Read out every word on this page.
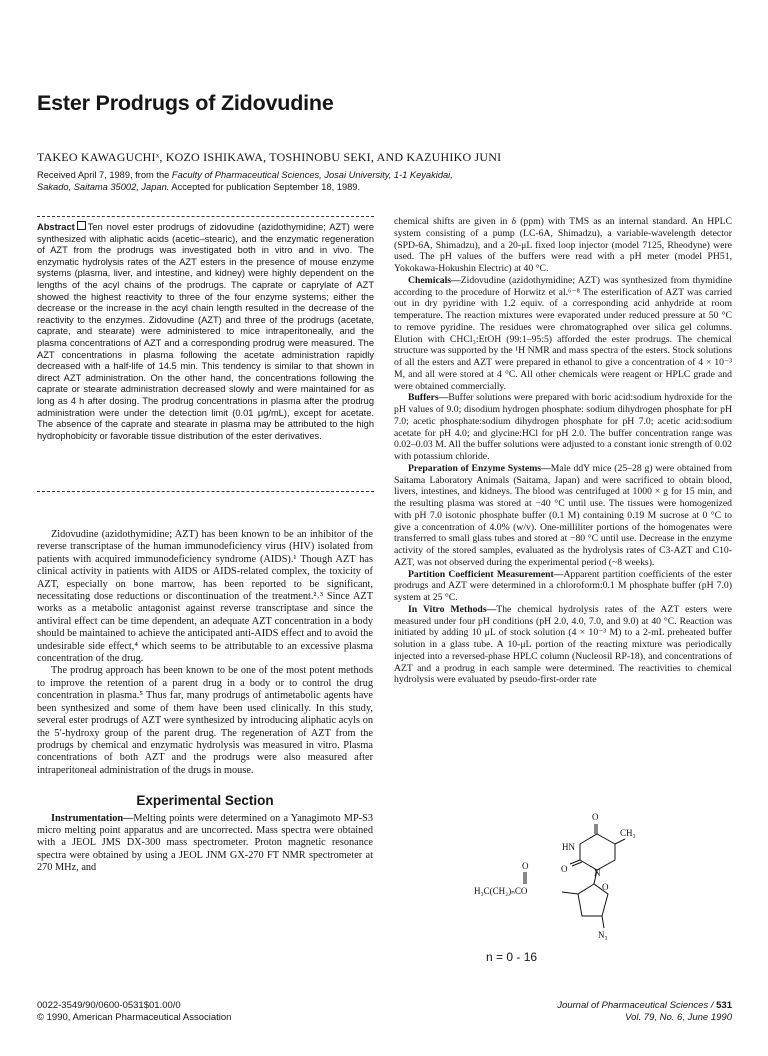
Ester Prodrugs of Zidovudine
TAKEO KAWAGUCHIˣ, KOZO ISHIKAWA, TOSHINOBU SEKI, AND KAZUHIKO JUNI
Received April 7, 1989, from the Faculty of Pharmaceutical Sciences, Josai University, 1-1 Keyakidai, Sakado, Saitama 35002, Japan. Accepted for publication September 18, 1989.
Abstract Ten novel ester prodrugs of zidovudine (azidothymidine; AZT) were synthesized with aliphatic acids (acetic–stearic), and the enzymatic regeneration of AZT from the prodrugs was investigated both in vitro and in vivo. The enzymatic hydrolysis rates of the AZT esters in the presence of mouse enzyme systems (plasma, liver, and intestine, and kidney) were highly dependent on the lengths of the acyl chains of the prodrugs. The caprate or caprylate of AZT showed the highest reactivity to three of the four enzyme systems; either the decrease or the increase in the acyl chain length resulted in the decrease of the reactivity to the enzymes. Zidovudine (AZT) and three of the prodrugs (acetate, caprate, and stearate) were administered to mice intraperitoneally, and the plasma concentrations of AZT and a corresponding prodrug were measured. The AZT concentrations in plasma following the acetate administration rapidly decreased with a half-life of 14.5 min. This tendency is similar to that shown in direct AZT administration. On the other hand, the concentrations following the caprate or stearate administration decreased slowly and were maintained for as long as 4 h after dosing. The prodrug concentrations in plasma after the prodrug administration were under the detection limit (0.01 μg/mL), except for acetate. The absence of the caprate and stearate in plasma may be attributed to the high hydrophobicity or favorable tissue distribution of the ester derivatives.

Zidovudine (azidothymidine; AZT) has been known to be an inhibitor of the reverse transcriptase of the human immunodeficiency virus (HIV) isolated from patients with acquired immunodeficiency syndrome (AIDS).¹ Though AZT has clinical activity in patients with AIDS or AIDS-related complex, the toxicity of AZT, especially on bone marrow, has been reported to be significant, necessitating dose reductions or discontinuation of the treatment.²˒³ Since AZT works as a metabolic antagonist against reverse transcriptase and since the antiviral effect can be time dependent, an adequate AZT concentration in a body should be maintained to achieve the anticipated anti-AIDS effect and to avoid the undesirable side effect,⁴ which seems to be attributable to an excessive plasma concentration of the drug.

The prodrug approach has been known to be one of the most potent methods to improve the retention of a parent drug in a body or to control the drug concentration in plasma.⁵ Thus far, many prodrugs of antimetabolic agents have been synthesized and some of them have been used clinically. In this study, several ester prodrugs of AZT were synthesized by introducing aliphatic acyls on the 5′-hydroxy group of the parent drug. The regeneration of AZT from the prodrugs by chemical and enzymatic hydrolysis was measured in vitro. Plasma concentrations of both AZT and the prodrugs were also measured after intraperitoneal administration of the drugs in mouse.

Experimental Section

Instrumentation—Melting points were determined on a Yanagimoto MP-S3 micro melting point apparatus and are uncorrected. Mass spectra were obtained with a JEOL JMS DX-300 mass spectrometer. Proton magnetic resonance spectra were obtained by using a JEOL JNM GX-270 FT NMR spectrometer at 270 MHz, and

chemical shifts are given in δ (ppm) with TMS as an internal standard. An HPLC system consisting of a pump (LC-6A, Shimadzu), a variable-wavelength detector (SPD-6A, Shimadzu), and a 20-μL fixed loop injector (model 7125, Rheodyne) were used. The pH values of the buffers were read with a pH meter (model PH51, Yokokawa-Hokushin Electric) at 40 °C.

Chemicals—Zidovudine (azidothymidine; AZT) was synthesized from thymidine according to the procedure of Horwitz et al.⁶⁻⁸ The esterification of AZT was carried out in dry pyridine with 1.2 equiv. of a corresponding acid anhydride at room temperature. The reaction mixtures were evaporated under reduced pressure at 50 °C to remove pyridine. The residues were chromatographed over silica gel columns. Elution with CHCl₃:EtOH (99:1–95:5) afforded the ester prodrugs. The chemical structure was supported by the ¹H NMR and mass spectra of the esters. Stock solutions of all the esters and AZT were prepared in ethanol to give a concentration of 4 × 10⁻³ M, and all were stored at 4 °C. All other chemicals were reagent or HPLC grade and were obtained commercially.

Buffers—Buffer solutions were prepared with boric acid:sodium hydroxide for the pH values of 9.0; disodium hydrogen phosphate: sodium dihydrogen phosphate for pH 7.0; acetic phosphate:sodium dihydrogen phosphate for pH 7.0; acetic acid:sodium acetate for pH 4.0; and glycine:HCl for pH 2.0. The buffer concentration range was 0.02–0.03 M. All the buffer solutions were adjusted to a constant ionic strength of 0.02 with potassium chloride.

Preparation of Enzyme Systems—Male ddY mice (25–28 g) were obtained from Saitama Laboratory Animals (Saitama, Japan) and were sacrificed to obtain blood, livers, intestines, and kidneys. The blood was centrifuged at 1000 × g for 15 min, and the resulting plasma was stored at −40 °C until use. The tissues were homogenized with pH 7.0 isotonic phosphate buffer (0.1 M) containing 0.19 M sucrose at 0 °C to give a concentration of 4.0% (w/v). One-milliliter portions of the homogenates were transferred to small glass tubes and stored at −80 °C until use. Decrease in the enzyme activity of the stored samples, evaluated as the hydrolysis rates of C3-AZT and C10-AZT, was not observed during the experimental period (~8 weeks).

Partition Coefficient Measurement—Apparent partition coefficients of the ester prodrugs and AZT were determined in a chloroform:0.1 M phosphate buffer (pH 7.0) system at 25 °C.

In Vitro Methods—The chemical hydrolysis rates of the AZT esters were measured under four pH conditions (pH 2.0, 4.0, 7.0, and 9.0) at 40 °C. Reaction was initiated by adding 10 μL of stock solution (4 × 10⁻³ M) to a 2-mL preheated buffer solution in a glass tube. A 10-μL portion of the reacting mixture was periodically injected into a reversed-phase HPLC column (Nucleosil RP-18), and concentrations of AZT and a prodrug in each sample were determined. The reactivities to chemical hydrolysis were evaluated by pseudo-first-order rate

O
CH₃
HN
O	N
O
H₃C(CH₂)ₙCO	O
N₃
n = 0 - 16
0022-3549/90/0600-0531$01.00/0
© 1990, American Pharmaceutical Association
Journal of Pharmaceutical Sciences / 531
Vol. 79, No. 6, June 1990
